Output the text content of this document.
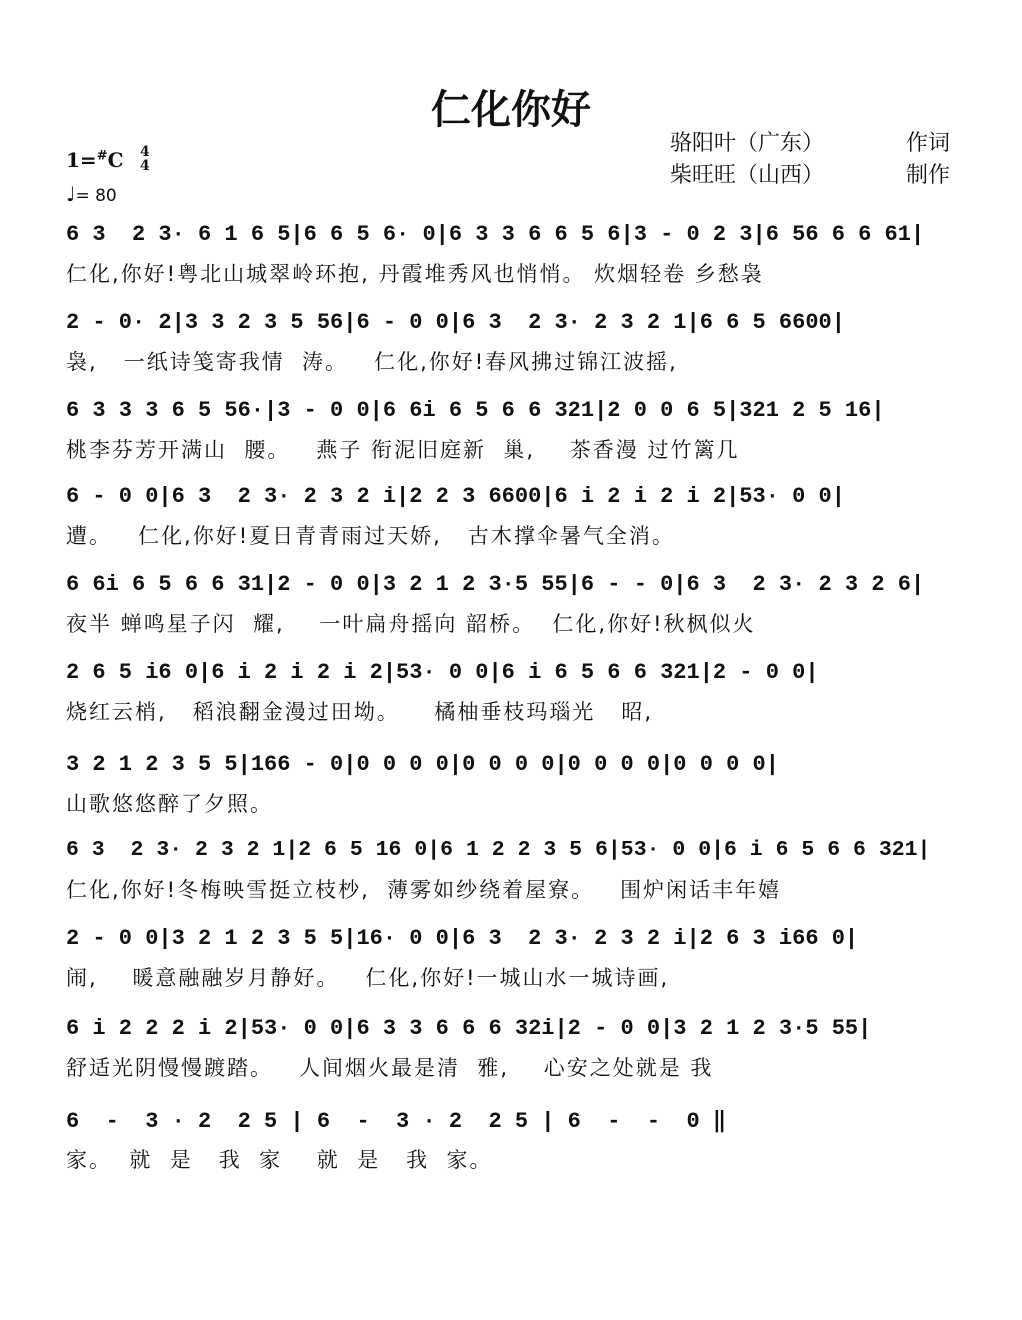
仁化你好
骆阳叶（广东）	作词
柴旺旺（山西）	制作
1=#C 4
4
♩= 80
6 3  2 3· 6 1 6 5|6 6 5 6· 0|6 3 3 6 6 5 6|3 - 0 2 3|6 56 6 6 61|
仁化,你好!粤北山城翠岭环抱, 丹霞堆秀风也悄悄。 炊烟轻卷 乡愁袅
2 - 0· 2|3 3 2 3 5 56|6 - 0 0|6 3  2 3· 2 3 2 1|6 6 5 6600|
袅,   一纸诗笺寄我情  涛。   仁化,你好!春风拂过锦江波摇,
6 3 3 3 6 5 56·|3 - 0 0|6 6i 6 5 6 6 321|2 0 0 6 5|321 2 5 16|
桃李芬芳开满山  腰。   燕子 衔泥旧庭新  巢,    茶香漫 过竹篱几
6 - 0 0|6 3  2 3· 2 3 2 i|2 2 3 6600|6 i 2 i 2 i 2|53· 0 0|
遭。   仁化,你好!夏日青青雨过天娇,   古木撑伞暑气全消。
6 6i 6 5 6 6 31|2 - 0 0|3 2 1 2 3·5 55|6 - - 0|6 3  2 3· 2 3 2 6|
夜半 蝉鸣星子闪  耀,    一叶扁舟摇向 韶桥。  仁化,你好!秋枫似火
2 6 5 i6 0|6 i 2 i 2 i 2|53· 0 0|6 i 6 5 6 6 321|2 - 0 0|
烧红云梢,   稻浪翻金漫过田坳。    橘柚垂枝玛瑙光   昭,
3 2 1 2 3 5 5|166 - 0|0 0 0 0|0 0 0 0|0 0 0 0|0 0 0 0|
山歌悠悠醉了夕照。
6 3  2 3· 2 3 2 1|2 6 5 16 0|6 1 2 2 3 5 6|53· 0 0|6 i 6 5 6 6 321|
仁化,你好!冬梅映雪挺立枝杪,  薄雾如纱绕着屋寮。   围炉闲话丰年嬉
2 - 0 0|3 2 1 2 3 5 5|16· 0 0|6 3  2 3· 2 3 2 i|2 6 3 i66 0|
闹,    暖意融融岁月静好。   仁化,你好!一城山水一城诗画,
6 i 2 2 2 i 2|53· 0 0|6 3 3 6 6 6 32i|2 - 0 0|3 2 1 2 3·5 55|
舒适光阴慢慢踱踏。   人间烟火最是清  雅,    心安之处就是 我
6  -  3 · 2  2 5 | 6  -  3 · 2  2 5 | 6  -  -  0 ‖
家。  就  是   我  家    就  是   我  家。
